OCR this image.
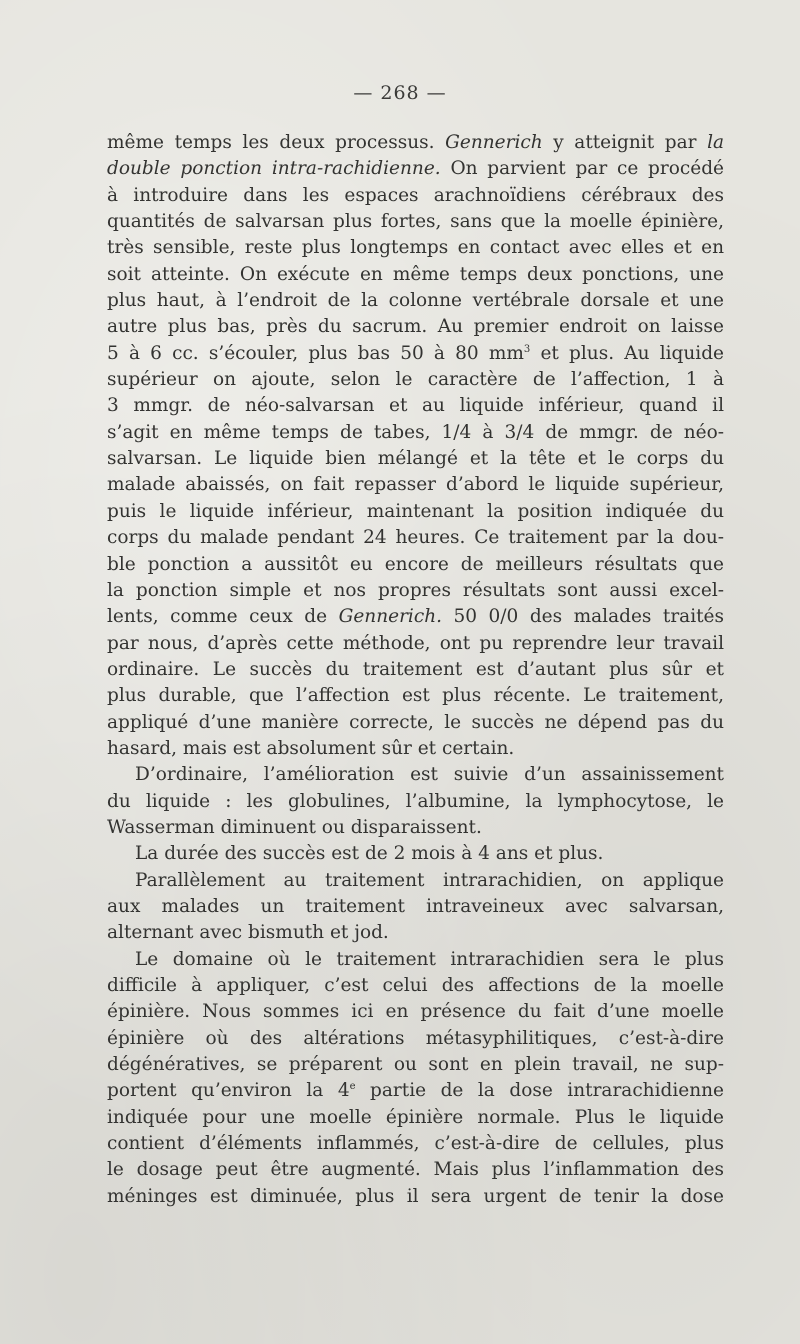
— 268 —
même temps les deux processus. Gennerich y atteignit par la
double ponction intra-rachidienne. On parvient par ce procédé
à introduire dans les espaces arachnoïdiens cérébraux des
quantités de salvarsan plus fortes, sans que la moelle épinière,
très sensible, reste plus longtemps en contact avec elles et en
soit atteinte. On exécute en même temps deux ponctions, une
plus haut, à l’endroit de la colonne vertébrale dorsale et une
autre plus bas, près du sacrum. Au premier endroit on laisse
5 à 6 cc. s’écouler, plus bas 50 à 80 $mm^3$ et plus. Au liquide
supérieur on ajoute, selon le caractère de l’affection, 1 à
3 mmgr. de néo-salvarsan et au liquide inférieur, quand il
s’agit en même temps de tabes, 1/4 à 3/4 de mmgr. de néo-
salvarsan. Le liquide bien mélangé et la tête et le corps du
malade abaissés, on fait repasser d’abord le liquide supérieur,
puis le liquide inférieur, maintenant la position indiquée du
corps du malade pendant 24 heures. Ce traitement par la dou-
ble ponction a aussitôt eu encore de meilleurs résultats que
la ponction simple et nos propres résultats sont aussi excel-
lents, comme ceux de Gennerich. 50 0/0 des malades traités
par nous, d’après cette méthode, ont pu reprendre leur travail
ordinaire. Le succès du traitement est d’autant plus sûr et
plus durable, que l’affection est plus récente. Le traitement,
appliqué d’une manière correcte, le succès ne dépend pas du
hasard, mais est absolument sûr et certain.
D’ordinaire, l’amélioration est suivie d’un assainissement
du liquide : les globulines, l’albumine, la lymphocytose, le
Wasserman diminuent ou disparaissent.
La durée des succès est de 2 mois à 4 ans et plus.
Parallèlement au traitement intrarachidien, on applique
aux malades un traitement intraveineux avec salvarsan,
alternant avec bismuth et jod.
Le domaine où le traitement intrarachidien sera le plus
difficile à appliquer, c’est celui des affections de la moelle
épinière. Nous sommes ici en présence du fait d’une moelle
épinière où des altérations métasyphilitiques, c’est-à-dire
dégénératives, se préparent ou sont en plein travail, ne sup-
portent qu’environ la 4e partie de la dose intrarachidienne
indiquée pour une moelle épinière normale. Plus le liquide
contient d’éléments inflammés, c’est-à-dire de cellules, plus
le dosage peut être augmenté. Mais plus l’inflammation des
méninges est diminuée, plus il sera urgent de tenir la dose
